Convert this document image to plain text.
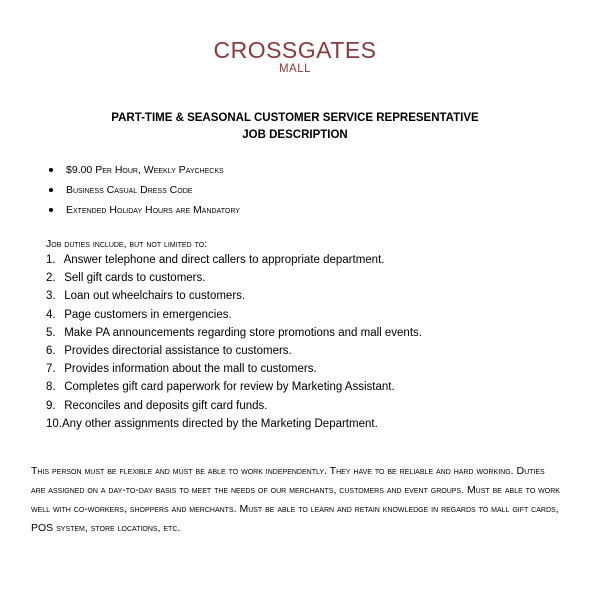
CROSSGATES
MALL
PART-TIME & SEASONAL CUSTOMER SERVICE REPRESENTATIVE
JOB DESCRIPTION
$9.00 Per Hour, Weekly Paychecks
Business Casual Dress Code
Extended Holiday Hours are Mandatory
Job duties include, but not limited to:
1. Answer telephone and direct callers to appropriate department.
2. Sell gift cards to customers.
3. Loan out wheelchairs to customers.
4. Page customers in emergencies.
5. Make PA announcements regarding store promotions and mall events.
6. Provides directorial assistance to customers.
7. Provides information about the mall to customers.
8. Completes gift card paperwork for review by Marketing Assistant.
9. Reconciles and deposits gift card funds.
10.Any other assignments directed by the Marketing Department.

This person must be flexible and must be able to work independently. They have to be reliable and hard working. Duties are assigned on a day-to-day basis to meet the needs of our merchants, customers and event groups. Must be able to work well with co-workers, shoppers and merchants. Must be able to learn and retain knowledge in regards to mall gift cards, POS system, store locations, etc.
